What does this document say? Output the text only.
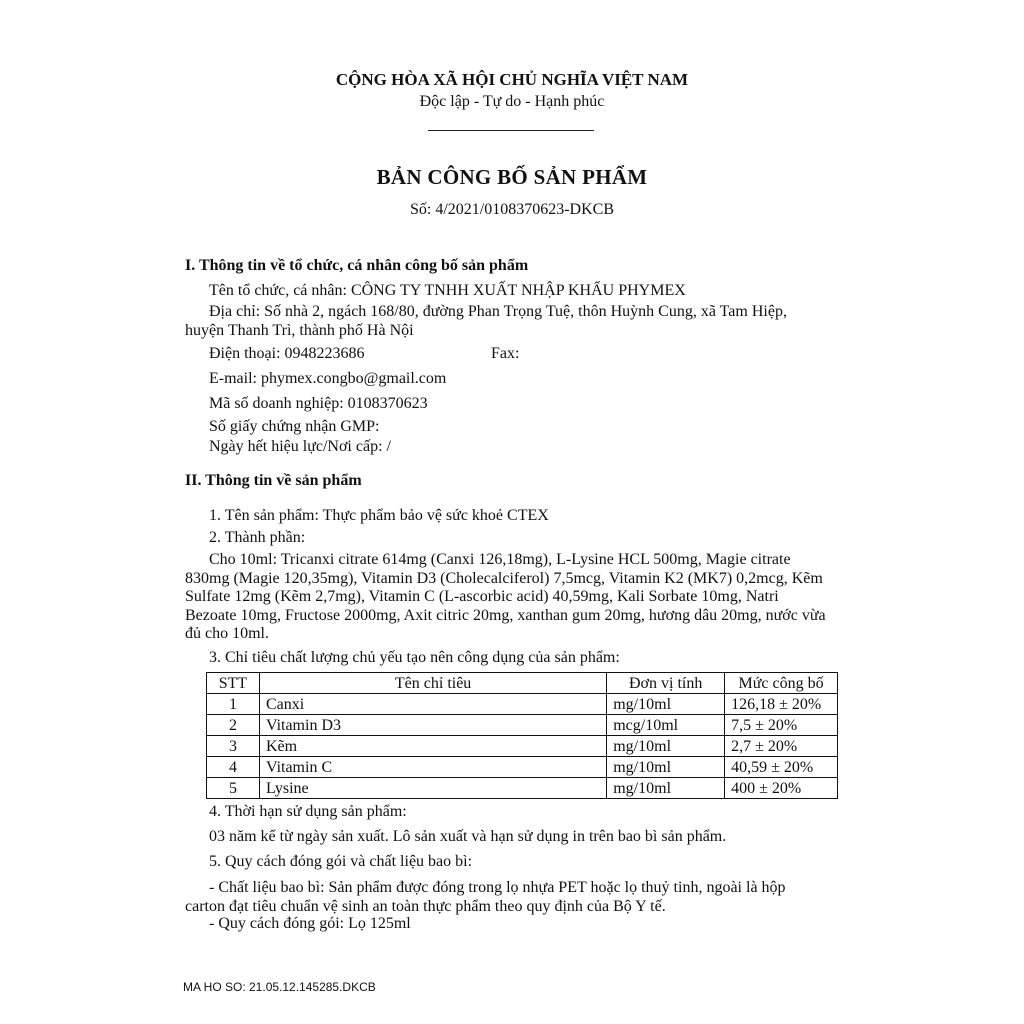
CỘNG HÒA XÃ HỘI CHỦ NGHĨA VIỆT NAM
Độc lập - Tự do - Hạnh phúc
BẢN CÔNG BỐ SẢN PHẨM
Số: 4/2021/0108370623-DKCB
I. Thông tin về tổ chức, cá nhân công bố sản phẩm
Tên tổ chức, cá nhân: CÔNG TY TNHH XUẤT NHẬP KHẨU PHYMEX
Địa chỉ: Số nhà 2, ngách 168/80, đường Phan Trọng Tuệ, thôn Huỳnh Cung, xã Tam Hiệp, huyện Thanh Trì, thành phố Hà Nội
Điện thoại: 0948223686	Fax:
E-mail: phymex.congbo@gmail.com
Mã số doanh nghiệp: 0108370623
Số giấy chứng nhận GMP:
Ngày hết hiệu lực/Nơi cấp: /
II. Thông tin về sản phẩm
1. Tên sản phẩm: Thực phẩm bảo vệ sức khoẻ CTEX
2. Thành phần:
Cho 10ml: Tricanxi citrate 614mg (Canxi 126,18mg), L-Lysine HCL 500mg, Magie citrate 830mg (Magie 120,35mg), Vitamin D3 (Cholecalciferol) 7,5mcg, Vitamin K2 (MK7) 0,2mcg, Kẽm Sulfate 12mg (Kẽm 2,7mg), Vitamin C (L-ascorbic acid) 40,59mg, Kali Sorbate 10mg, Natri Bezoate 10mg, Fructose 2000mg, Axit citric 20mg, xanthan gum 20mg, hương dâu 20mg, nước vừa đủ cho 10ml.
3. Chỉ tiêu chất lượng chủ yếu tạo nên công dụng của sản phẩm:
STT	Tên chỉ tiêu	Đơn vị tính	Mức công bố
1	Canxi	mg/10ml	126,18 ± 20%
2	Vitamin D3	mcg/10ml	7,5 ± 20%
3	Kẽm	mg/10ml	2,7 ± 20%
4	Vitamin C	mg/10ml	40,59 ± 20%
5	Lysine	mg/10ml	400 ± 20%
4. Thời hạn sử dụng sản phẩm:
03 năm kể từ ngày sản xuất. Lô sản xuất và hạn sử dụng in trên bao bì sản phẩm.
5. Quy cách đóng gói và chất liệu bao bì:
- Chất liệu bao bì: Sản phẩm được đóng trong lọ nhựa PET hoặc lọ thuỷ tinh, ngoài là hộp carton đạt tiêu chuẩn vệ sinh an toàn thực phẩm theo quy định của Bộ Y tế.
- Quy cách đóng gói: Lọ 125ml
MA HO SO: 21.05.12.145285.DKCB
